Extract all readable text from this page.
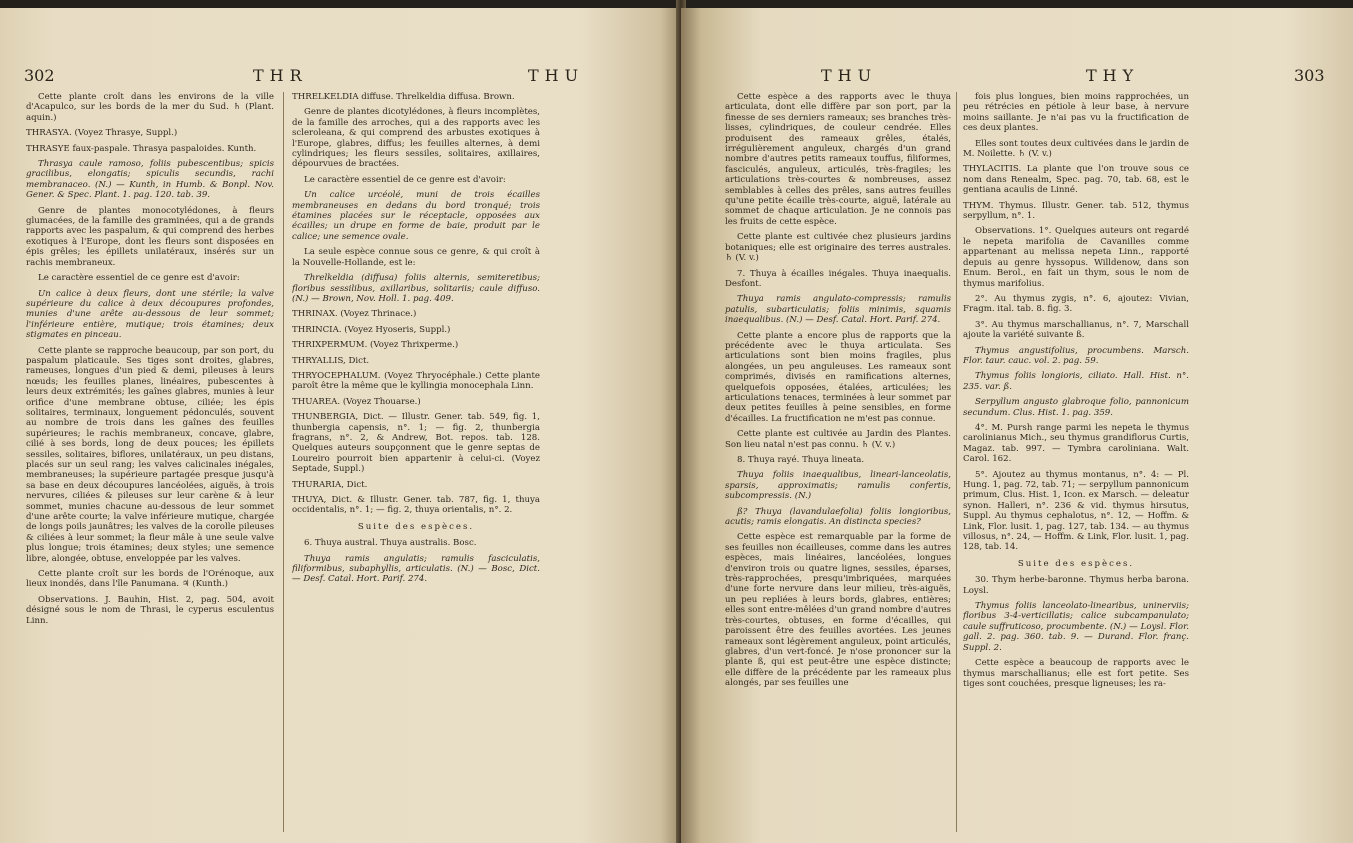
302	THR	THU

Cette plante croît dans les environs de la ville d'Acapulco, sur les bords de la mer du Sud. ♄ (Plant. aquin.)

THRASYA. (Voyez Thrasye, Suppl.)

THRASYE faux-paspale. Thrasya paspaloides. Kunth.

Thrasya caule ramoso, foliis pubescentibus; spicis gracilibus, elongatis; spiculis secundis, rachi membranaceo. (N.) — Kunth, in Humb. & Bonpl. Nov. Gener. & Spec. Plant. 1. pag. 120. tab. 39.

Genre de plantes monocotylédones, à fleurs glumacées, de la famille des graminées, qui a de grands rapports avec les paspalum, & qui comprend des herbes exotiques à l'Europe, dont les fleurs sont disposées en épis grêles; les épillets unilatéraux, insérés sur un rachis membraneux.

Le caractère essentiel de ce genre est d'avoir:

Un calice à deux fleurs, dont une stérile; la valve supérieure du calice à deux découpures profondes, munies d'une arête au-dessous de leur sommet; l'inférieure entière, mutique; trois étamines; deux stigmates en pinceau.

Cette plante se rapproche beaucoup, par son port, du paspalum platicaule. Ses tiges sont droites, glabres, rameuses, longues d'un pied & demi, pileuses à leurs nœuds; les feuilles planes, linéaires, pubescentes à leurs deux extrémités; les gaînes glabres, munies à leur orifice d'une membrane obtuse, ciliée; les épis solitaires, terminaux, longuement pédonculés, souvent au nombre de trois dans les gaînes des feuilles supérieures; le rachis membraneux, concave, glabre, cilié à ses bords, long de deux pouces; les épillets sessiles, solitaires, biflores, unilatéraux, un peu distans, placés sur un seul rang; les valves calicinales inégales, membraneuses; la supérieure partagée presque jusqu'à sa base en deux découpures lancéolées, aiguës, à trois nervures, ciliées & pileuses sur leur carène & à leur sommet, munies chacune au-dessous de leur sommet d'une arête courte; la valve inférieure mutique, chargée de longs poils jaunâtres; les valves de la corolle pileuses & ciliées à leur sommet; la fleur mâle à une seule valve plus longue; trois étamines; deux styles; une semence libre, alongée, obtuse, enveloppée par les valves.

Cette plante croît sur les bords de l'Orénoque, aux lieux inondés, dans l'île Panumana. ♃ (Kunth.)

Observations. J. Bauhin, Hist. 2, pag. 504, avoit désigné sous le nom de Thrasi, le cyperus esculentus Linn.

THRELKELDIA diffuse. Threlkeldia diffusa. Brown.

Genre de plantes dicotylédones, à fleurs incomplètes, de la famille des arroches, qui a des rapports avec les scleroleana, & qui comprend des arbustes exotiques à l'Europe, glabres, diffus; les feuilles alternes, à demi cylindriques; les fleurs sessiles, solitaires, axillaires, dépourvues de bractées.

Le caractère essentiel de ce genre est d'avoir:

Un calice urcéolé, muni de trois écailles membraneuses en dedans du bord tronqué; trois étamines placées sur le réceptacle, opposées aux écailles; un drupe en forme de baie, produit par le calice; une semence ovale.

La seule espèce connue sous ce genre, & qui croît à la Nouvelle-Hollande, est le:

Threlkeldia (diffusa) foliis alternis, semiteretibus; floribus sessilibus, axillaribus, solitariis; caule diffuso. (N.) — Brown, Nov. Holl. 1. pag. 409.

THRINAX. (Voyez Thrinace.)

THRINCIA. (Voyez Hyoseris, Suppl.)

THRIXPERMUM. (Voyez Thrixperme.)

THRYALLIS, Dict.

THRYOCEPHALUM. (Voyez Thryocéphale.) Cette plante paroît être la même que le kyllingia monocephala Linn.

THUAREA. (Voyez Thouarse.)

THUNBERGIA, Dict. — Illustr. Gener. tab. 549, fig. 1, thunbergia capensis, n°. 1; — fig. 2, thunbergia fragrans, n°. 2, & Andrew, Bot. repos. tab. 128. Quelques auteurs soupçonnent que le genre septas de Loureiro pourroit bien appartenir à celui-ci. (Voyez Septade, Suppl.)

THURARIA, Dict.

THUYA, Dict. & Illustr. Gener. tab. 787, fig. 1, thuya occidentalis, n°. 1; — fig. 2, thuya orientalis, n°. 2.

Suite des espèces.

6. Thuya austral. Thuya australis. Bosc.

Thuya ramis angulatis; ramulis fasciculatis, filiformibus, subaphyllis, articulatis. (N.) — Bosc, Dict. — Desf. Catal. Hort. Parif. 274.

THU	THY	303

Cette espèce a des rapports avec le thuya articulata, dont elle diffère par son port, par la finesse de ses derniers rameaux; ses branches très-lisses, cylindriques, de couleur cendrée. Elles produisent des rameaux grêles, étalés, irrégulièrement anguleux, chargés d'un grand nombre d'autres petits rameaux touffus, filiformes, fasciculés, anguleux, articulés, très-fragiles; les articulations très-courtes & nombreuses, assez semblables à celles des prêles, sans autres feuilles qu'une petite écaille très-courte, aiguë, latérale au sommet de chaque articulation. Je ne connois pas les fruits de cette espèce.

Cette plante est cultivée chez plusieurs jardins botaniques; elle est originaire des terres australes. ♄ (V. v.)

7. Thuya à écailles inégales. Thuya inaequalis. Desfont.

Thuya ramis angulato-compressis; ramulis patulis, subarticulatis; foliis minimis, squamis inaequalibus. (N.) — Desf. Catal. Hort. Parif. 274.

Cette plante a encore plus de rapports que la précédente avec le thuya articulata. Ses articulations sont bien moins fragiles, plus alongées, un peu anguleuses. Les rameaux sont comprimés, divisés en ramifications alternes, quelquefois opposées, étalées, articulées; les articulations tenaces, terminées à leur sommet par deux petites feuilles à peine sensibles, en forme d'écailles. La fructification ne m'est pas connue.

Cette plante est cultivée au Jardin des Plantes. Son lieu natal n'est pas connu. ♄ (V. v.)

8. Thuya rayé. Thuya lineata.

Thuya foliis inaequalibus, lineari-lanceolatis, sparsis, approximatis; ramulis confertis, subcompressis. (N.)

ß? Thuya (lavandulaefolia) foliis longioribus, acutis; ramis elongatis. An distincta species?

Cette espèce est remarquable par la forme de ses feuilles non écailleuses, comme dans les autres espèces, mais linéaires, lancéolées, longues d'environ trois ou quatre lignes, sessiles, éparses, très-rapprochées, presqu'imbriquées, marquées d'une forte nervure dans leur milieu, très-aiguës, un peu repliées à leurs bords, glabres, entières; elles sont entre-mêlées d'un grand nombre d'autres très-courtes, obtuses, en forme d'écailles, qui paroissent être des feuilles avortées. Les jeunes rameaux sont légèrement anguleux, point articulés, glabres, d'un vert-foncé. Je n'ose prononcer sur la plante ß, qui est peut-être une espèce distincte; elle diffère de la précédente par les rameaux plus alongés, par ses feuilles une

fois plus longues, bien moins rapprochées, un peu rétrécies en pétiole à leur base, à nervure moins saillante. Je n'ai pas vu la fructification de ces deux plantes.

Elles sont toutes deux cultivées dans le jardin de M. Noilette. ♄ (V. v.)

THYLACITIS. La plante que l'on trouve sous ce nom dans Renealm, Spec. pag. 70, tab. 68, est le gentiana acaulis de Linné.

THYM. Thymus. Illustr. Gener. tab. 512, thymus serpyllum, n°. 1.

Observations. 1°. Quelques auteurs ont regardé le nepeta marifolia de Cavanilles comme appartenant au melissa nepeta Linn., rapporté depuis au genre hyssopus. Willdenow, dans son Enum. Berol., en fait un thym, sous le nom de thymus marifolius.

2°. Au thymus zygis, n°. 6, ajoutez: Vivian, Fragm. ital. tab. 8. fig. 3.

3°. Au thymus marschallianus, n°. 7, Marschall ajoute la variété suivante ß.

Thymus angustifolius, procumbens. Marsch. Flor. taur. cauc. vol. 2. pag. 59.

Thymus foliis longioris, ciliato. Hall. Hist. n°. 235. var. ß.

Serpyllum angusto glabroque folio, pannonicum secundum. Clus. Hist. 1. pag. 359.

4°. M. Pursh range parmi les nepeta le thymus carolinianus Mich., seu thymus grandiflorus Curtis, Magaz. tab. 997. — Tymbra caroliniana. Walt. Carol. 162.

5°. Ajoutez au thymus montanus, n°. 4: — Pl. Hung. 1, pag. 72, tab. 71; — serpyllum pannonicum primum, Clus. Hist. 1, Icon. ex Marsch. — deleatur synon. Halleri, n°. 236 & vid. thymus hirsutus, Suppl. Au thymus cephalotus, n°. 12, — Hoffm. & Link, Flor. lusit. 1, pag. 127, tab. 134. — au thymus villosus, n°. 24, — Hoffm. & Link, Flor. lusit. 1, pag. 128, tab. 14.

Suite des espèces.

30. Thym herbe-baronne. Thymus herba barona. Loysl.

Thymus foliis lanceolato-linearibus, uninerviis; floribus 3-4-verticillatis; calice subcampanulato; caule suffruticoso, procumbente. (N.) — Loysl. Flor. gall. 2. pag. 360. tab. 9. — Durand. Flor. franç. Suppl. 2.

Cette espèce a beaucoup de rapports avec le thymus marschallianus; elle est fort petite. Ses tiges sont couchées, presque ligneuses; les ra-
